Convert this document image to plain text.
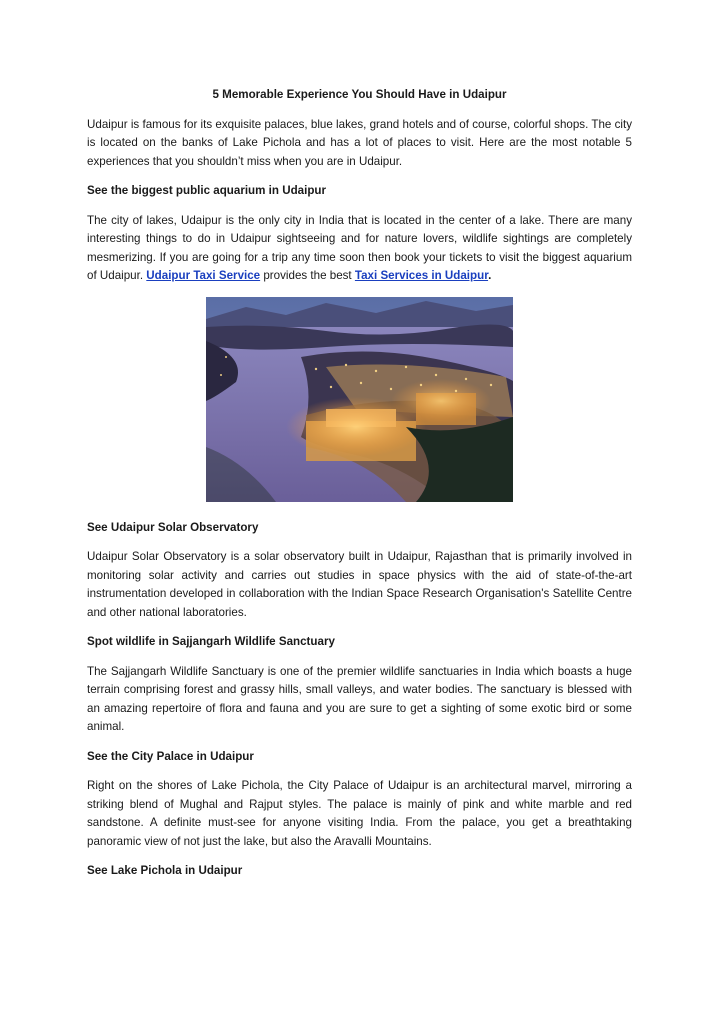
5 Memorable Experience You Should Have in Udaipur

Udaipur is famous for its exquisite palaces, blue lakes, grand hotels and of course, colorful shops. The city is located on the banks of Lake Pichola and has a lot of places to visit. Here are the most notable 5 experiences that you shouldn’t miss when you are in Udaipur.

See the biggest public aquarium in Udaipur

The city of lakes, Udaipur is the only city in India that is located in the center of a lake. There are many interesting things to do in Udaipur sightseeing and for nature lovers, wildlife sightings are completely mesmerizing. If you are going for a trip any time soon then book your tickets to visit the biggest aquarium of Udaipur. Udaipur Taxi Service provides the best Taxi Services in Udaipur.

See Udaipur Solar Observatory

Udaipur Solar Observatory is a solar observatory built in Udaipur, Rajasthan that is primarily involved in monitoring solar activity and carries out studies in space physics with the aid of state-of-the-art instrumentation developed in collaboration with the Indian Space Research Organisation's Satellite Centre and other national laboratories.

Spot wildlife in Sajjangarh Wildlife Sanctuary

The Sajjangarh Wildlife Sanctuary is one of the premier wildlife sanctuaries in India which boasts a huge terrain comprising forest and grassy hills, small valleys, and water bodies. The sanctuary is blessed with an amazing repertoire of flora and fauna and you are sure to get a sighting of some exotic bird or some animal.

See the City Palace in Udaipur

Right on the shores of Lake Pichola, the City Palace of Udaipur is an architectural marvel, mirroring a striking blend of Mughal and Rajput styles. The palace is mainly of pink and white marble and red sandstone. A definite must-see for anyone visiting India. From the palace, you get a breathtaking panoramic view of not just the lake, but also the Aravalli Mountains.

See Lake Pichola in Udaipur
